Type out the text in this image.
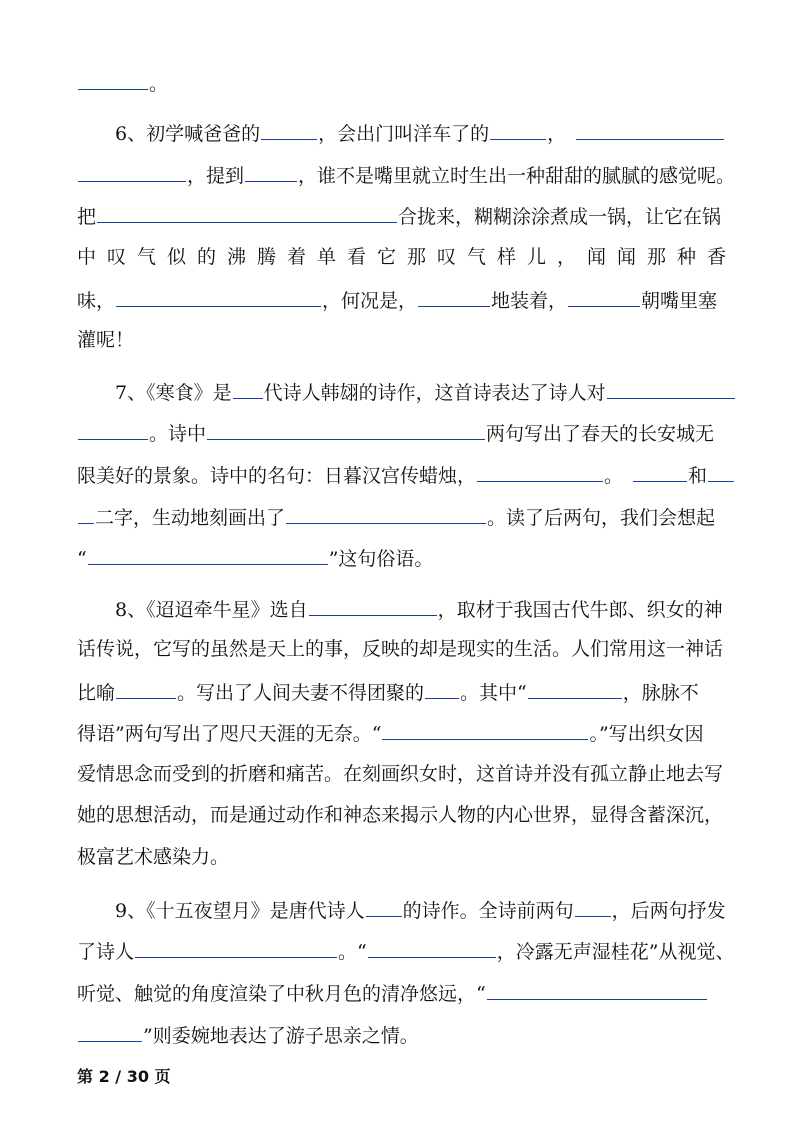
。
6、初学喊爸爸的	，会出门叫洋车了的	，
，提到	，谁不是嘴里就立时生出一种甜甜的腻腻的感觉呢。
把	合拢来，糊糊涂涂煮成一锅，让它在锅
中叹气似的沸腾着单看它那叹气样儿，闻闻那种香
味，	，何况是，	地装着，	朝嘴里塞
灌呢！
7、《寒食》是 代诗人韩翃的诗作，这首诗表达了诗人对
。诗中	两句写出了春天的长安城无
限美好的景象。诗中的名句：日暮汉宫传蜡烛，	。	和
二字，生动地刻画出了	。读了后两句，我们会想起
“	”这句俗语。
8、《迢迢牵牛星》选自	，取材于我国古代牛郎、织女的神
话传说，它写的虽然是天上的事，反映的却是现实的生活。人们常用这一神话
比喻	。写出了人间夫妻不得团聚的 。其中“	，脉脉不
得语”两句写出了咫尺天涯的无奈。“	。”写出织女因
爱情思念而受到的折磨和痛苦。在刻画织女时，这首诗并没有孤立静止地去写
她的思想活动，而是通过动作和神态来揭示人物的内心世界，显得含蓄深沉，
极富艺术感染力。
9、《十五夜望月》是唐代诗人 的诗作。全诗前两句 ，后两句抒发
了诗人	。“	，冷露无声湿桂花”从视觉、
听觉、触觉的角度渲染了中秋月色的清净悠远，“
”则委婉地表达了游子思亲之情。
第 2 / 30 页
